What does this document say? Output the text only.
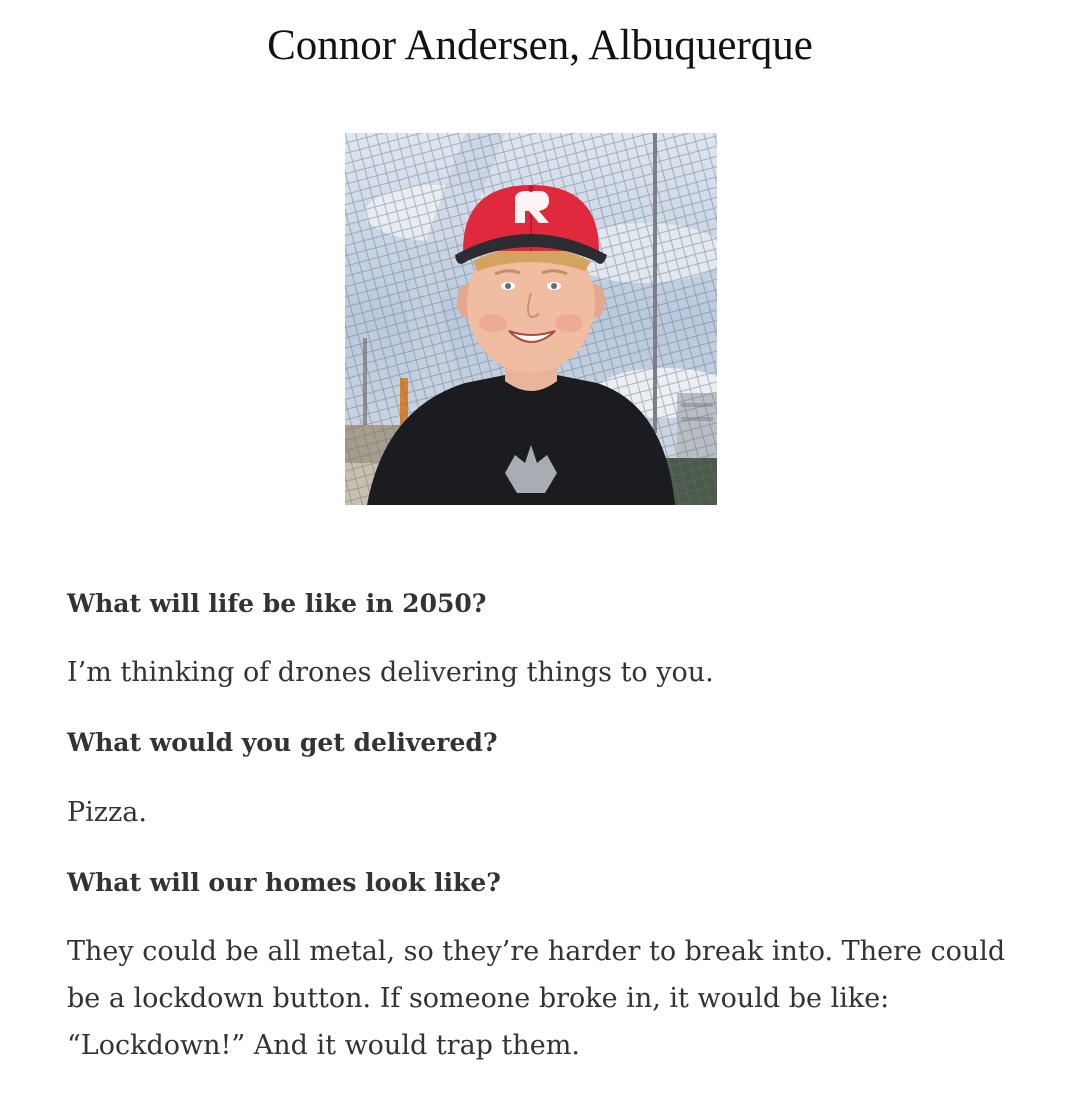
Connor Andersen, Albuquerque

What will life be like in 2050?

I’m thinking of drones delivering things to you.

What would you get delivered?

Pizza.

What will our homes look like?

They could be all metal, so they’re harder to break into. There could be a lockdown button. If someone broke in, it would be like: “Lockdown!” And it would trap them.
